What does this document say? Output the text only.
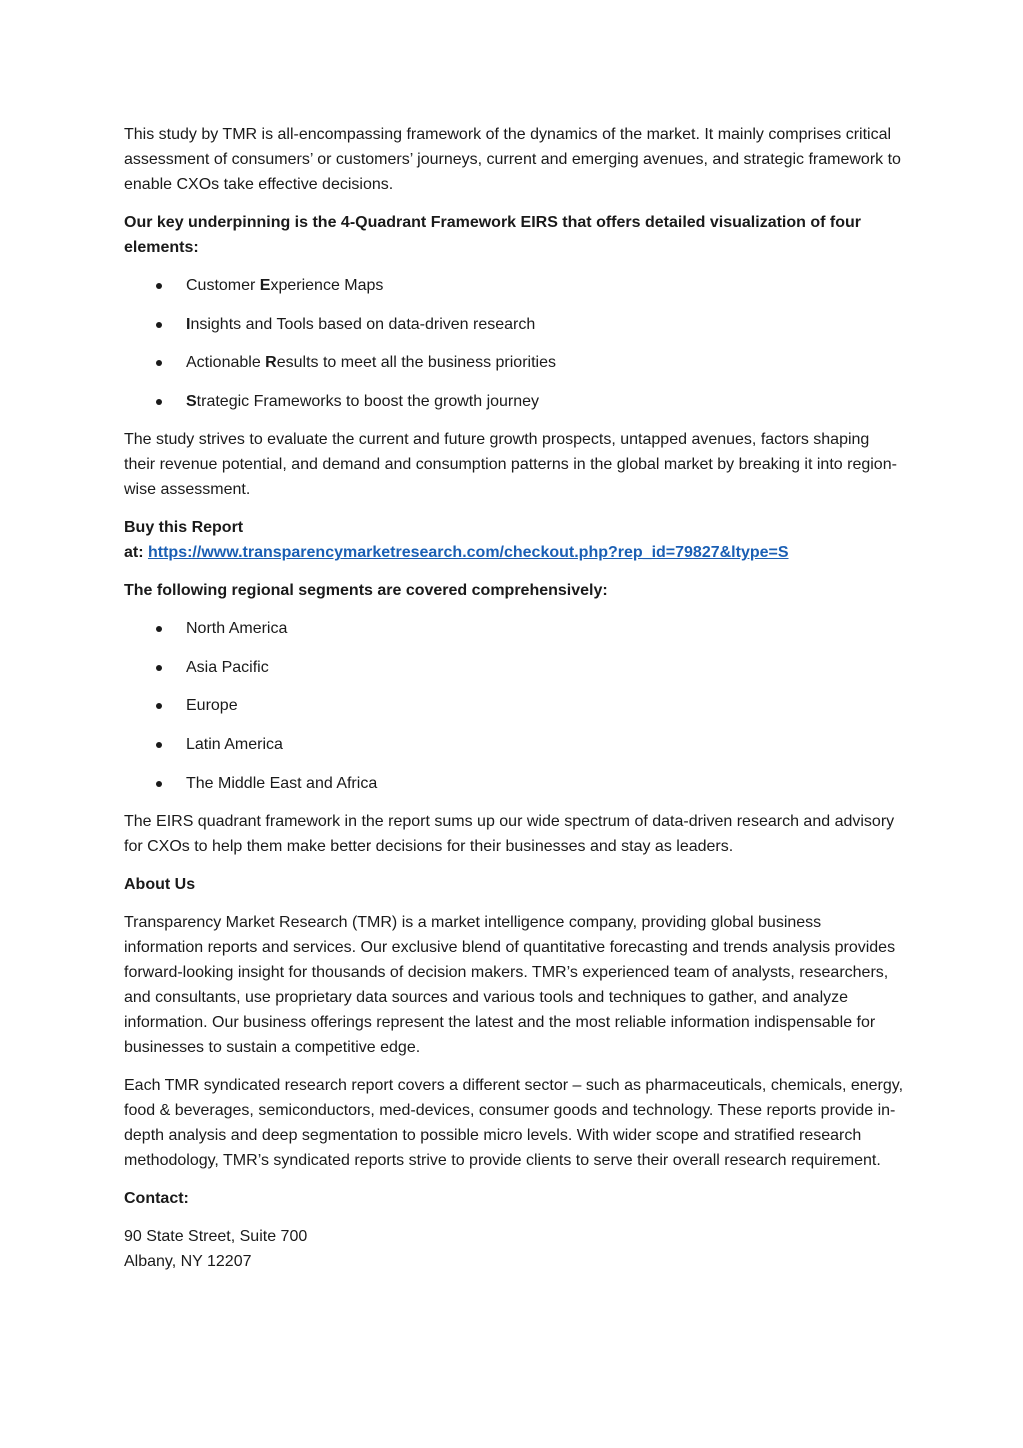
This study by TMR is all-encompassing framework of the dynamics of the market. It mainly comprises critical assessment of consumers’ or customers’ journeys, current and emerging avenues, and strategic framework to enable CXOs take effective decisions.

Our key underpinning is the 4-Quadrant Framework EIRS that offers detailed visualization of four elements:

Customer Experience Maps
Insights and Tools based on data-driven research
Actionable Results to meet all the business priorities
Strategic Frameworks to boost the growth journey

The study strives to evaluate the current and future growth prospects, untapped avenues, factors shaping their revenue potential, and demand and consumption patterns in the global market by breaking it into region-wise assessment.

Buy this Report
at: https://www.transparencymarketresearch.com/checkout.php?rep_id=79827&ltype=S

The following regional segments are covered comprehensively:

North America
Asia Pacific
Europe
Latin America
The Middle East and Africa

The EIRS quadrant framework in the report sums up our wide spectrum of data-driven research and advisory for CXOs to help them make better decisions for their businesses and stay as leaders.

About Us

Transparency Market Research (TMR) is a market intelligence company, providing global business information reports and services. Our exclusive blend of quantitative forecasting and trends analysis provides forward-looking insight for thousands of decision makers. TMR’s experienced team of analysts, researchers, and consultants, use proprietary data sources and various tools and techniques to gather, and analyze information. Our business offerings represent the latest and the most reliable information indispensable for businesses to sustain a competitive edge.

Each TMR syndicated research report covers a different sector – such as pharmaceuticals, chemicals, energy, food & beverages, semiconductors, med-devices, consumer goods and technology. These reports provide in-depth analysis and deep segmentation to possible micro levels. With wider scope and stratified research methodology, TMR’s syndicated reports strive to provide clients to serve their overall research requirement.

Contact:

90 State Street, Suite 700
Albany, NY 12207
